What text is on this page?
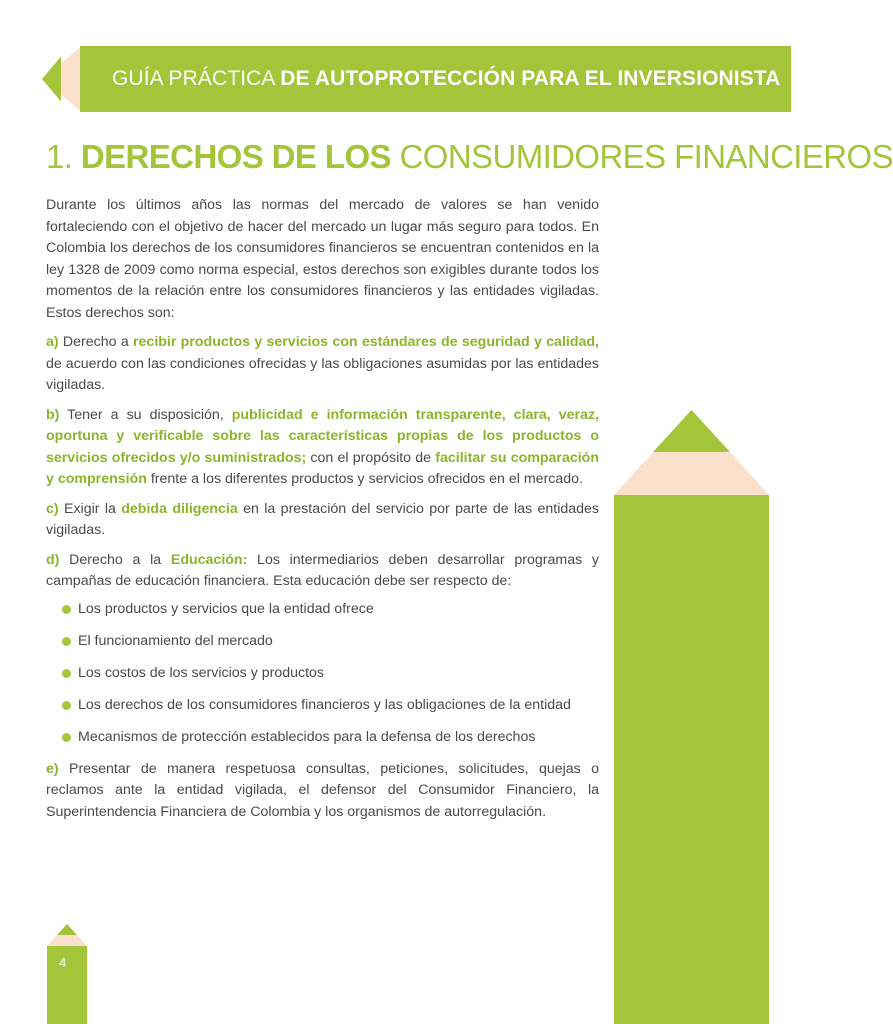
GUÍA PRÁCTICA DE AUTOPROTECCIÓN PARA EL INVERSIONISTA
1. DERECHOS DE LOS CONSUMIDORES FINANCIEROS

Durante los últimos años las normas del mercado de valores se han venido fortaleciendo con el objetivo de hacer del mercado un lugar más seguro para todos. En Colombia los derechos de los consumidores financieros se encuentran contenidos en la ley 1328 de 2009 como norma especial, estos derechos son exigibles durante todos los momentos de la relación entre los consumidores financieros y las entidades vigiladas. Estos derechos son:

a) Derecho a recibir productos y servicios con estándares de seguridad y calidad, de acuerdo con las condiciones ofrecidas y las obligaciones asumidas por las entidades vigiladas.

b) Tener a su disposición, publicidad e información transparente, clara, veraz, oportuna y verificable sobre las características propias de los productos o servicios ofrecidos y/o suministrados; con el propósito de facilitar su comparación y comprensión frente a los diferentes productos y servicios ofrecidos en el mercado.

c) Exigir la debida diligencia en la prestación del servicio por parte de las entidades vigiladas.

d) Derecho a la Educación: Los intermediarios deben desarrollar programas y campañas de educación financiera. Esta educación debe ser respecto de:

Los productos y servicios que la entidad ofrece
El funcionamiento del mercado
Los costos de los servicios y productos
Los derechos de los consumidores financieros y las obligaciones de la entidad
Mecanismos de protección establecidos para la defensa de los derechos

e) Presentar de manera respetuosa consultas, peticiones, solicitudes, quejas o reclamos ante la entidad vigilada, el defensor del Consumidor Financiero, la Superintendencia Financiera de Colombia y los organismos de autorregulación.

4
